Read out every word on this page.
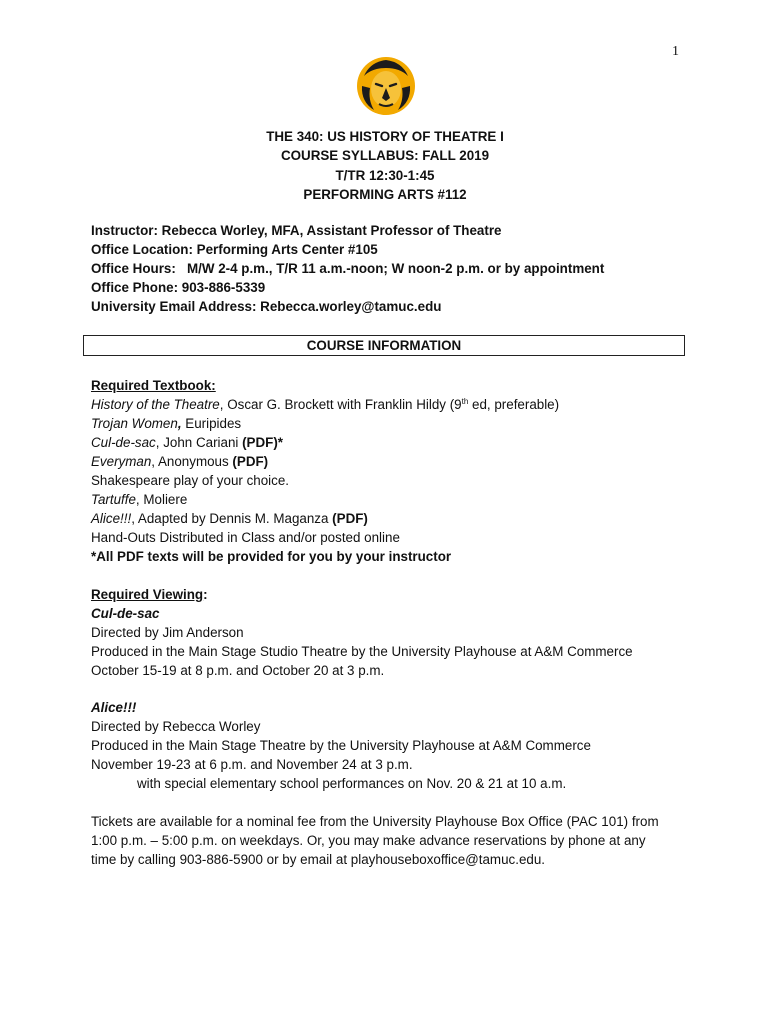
1
THE 340: US HISTORY OF THEATRE I
COURSE SYLLABUS: FALL 2019
T/TR 12:30-1:45
PERFORMING ARTS #112
Instructor: Rebecca Worley, MFA, Assistant Professor of Theatre
Office Location: Performing Arts Center #105
Office Hours:   M/W 2-4 p.m., T/R 11 a.m.-noon; W noon-2 p.m. or by appointment
Office Phone: 903-886-5339
University Email Address: Rebecca.worley@tamuc.edu
COURSE INFORMATION
Required Textbook:
History of the Theatre, Oscar G. Brockett with Franklin Hildy (9th ed, preferable)
Trojan Women, Euripides
Cul-de-sac, John Cariani (PDF)*
Everyman, Anonymous (PDF)
Shakespeare play of your choice.
Tartuffe, Moliere
Alice!!!, Adapted by Dennis M. Maganza (PDF)
Hand-Outs Distributed in Class and/or posted online
*All PDF texts will be provided for you by your instructor
Required Viewing:
Cul-de-sac
Directed by Jim Anderson
Produced in the Main Stage Studio Theatre by the University Playhouse at A&M Commerce
October 15-19 at 8 p.m. and October 20 at 3 p.m.
Alice!!!
Directed by Rebecca Worley
Produced in the Main Stage Theatre by the University Playhouse at A&M Commerce
November 19-23 at 6 p.m. and November 24 at 3 p.m.
with special elementary school performances on Nov. 20 & 21 at 10 a.m.
Tickets are available for a nominal fee from the University Playhouse Box Office (PAC 101) from
1:00 p.m. – 5:00 p.m. on weekdays. Or, you may make advance reservations by phone at any
time by calling 903-886-5900 or by email at playhouseboxoffice@tamuc.edu.
